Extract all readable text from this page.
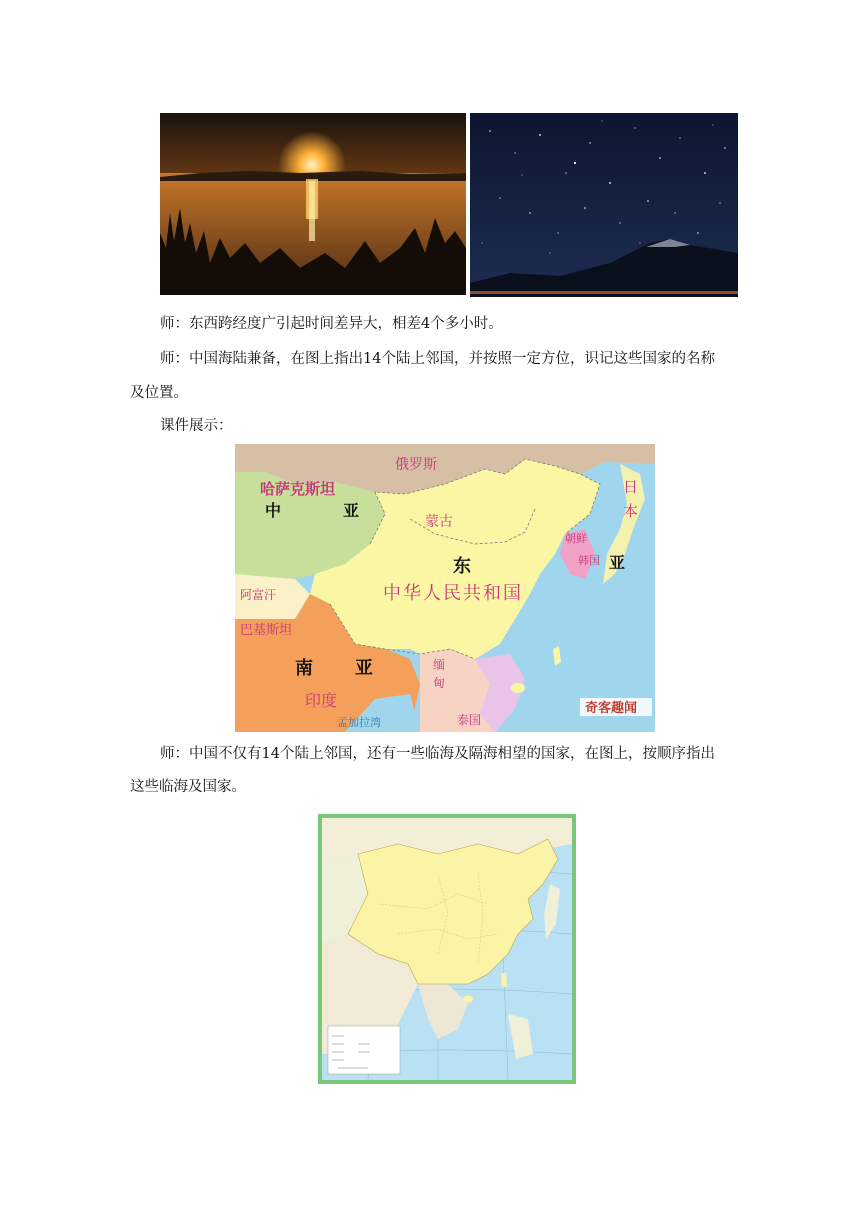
师：东西跨经度广引起时间差异大，相差4个多小时。
师：中国海陆兼备，在图上指出14个陆上邻国，并按照一定方位，识记这些国家的名称
及位置。
课件展示：
俄罗斯
哈萨克斯坦
中	亚
蒙古
东
中华人民共和国
日
本
亚
朝鲜
韩国
阿富汗
巴基斯坦
南 亚
印度
缅
甸
泰国
孟加拉湾
奇客趣闻
师：中国不仅有14个陆上邻国，还有一些临海及隔海相望的国家，在图上，按顺序指出
这些临海及国家。
